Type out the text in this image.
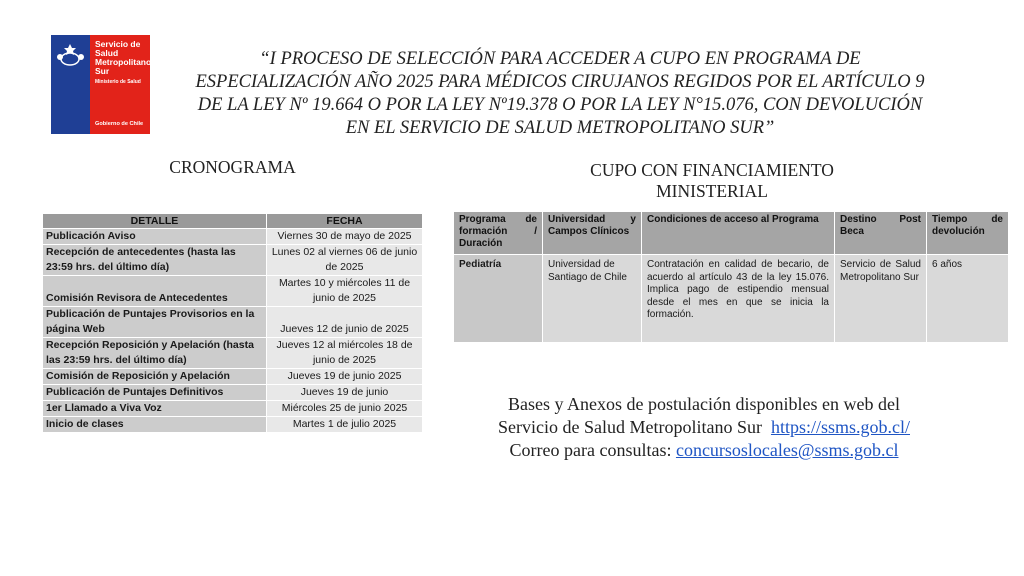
Servicio de Salud Metropolitano Sur
Ministerio de Salud
Gobierno de Chile
“I PROCESO DE SELECCIÓN PARA ACCEDER A CUPO EN PROGRAMA DE ESPECIALIZACIÓN AÑO 2025 PARA MÉDICOS CIRUJANOS REGIDOS POR EL ARTÍCULO 9 DE LA LEY Nº 19.664 O POR LA LEY Nº19.378 O POR LA LEY N°15.076, CON DEVOLUCIÓN EN EL SERVICIO DE SALUD METROPOLITANO SUR”
CRONOGRAMA	CUPO CON FINANCIAMIENTO MINISTERIAL
DETALLE	FECHA
Publicación Aviso	Viernes 30 de mayo de 2025
Recepción de antecedentes (hasta las 23:59 hrs. del último día)	Lunes 02 al viernes 06 de junio de 2025
Comisión Revisora de Antecedentes	Martes 10 y miércoles 11 de junio de 2025
Publicación de Puntajes Provisorios en la página Web	Jueves 12 de junio de 2025
Recepción Reposición y Apelación (hasta las 23:59 hrs. del último día)	Jueves 12 al miércoles 18 de junio de 2025
Comisión de Reposición y Apelación	Jueves 19 de junio 2025
Publicación de Puntajes Definitivos	Jueves 19 de junio
1er Llamado a Viva Voz	Miércoles 25 de junio 2025
Inicio de clases	Martes 1 de julio 2025
Programa de formación / Duración	Universidad y Campos Clínicos	Condiciones de acceso al Programa	Destino Post Beca	Tiempo de devolución
Pediatría	Universidad de Santiago de Chile	Contratación en calidad de becario, de acuerdo al artículo 43 de la ley 15.076. Implica pago de estipendio mensual desde el mes en que se inicia la formación.	Servicio de Salud Metropolitano Sur	6 años
Bases y Anexos de postulación disponibles en web del
Servicio de Salud Metropolitano Sur https://ssms.gob.cl/
Correo para consultas: concursoslocales@ssms.gob.cl
